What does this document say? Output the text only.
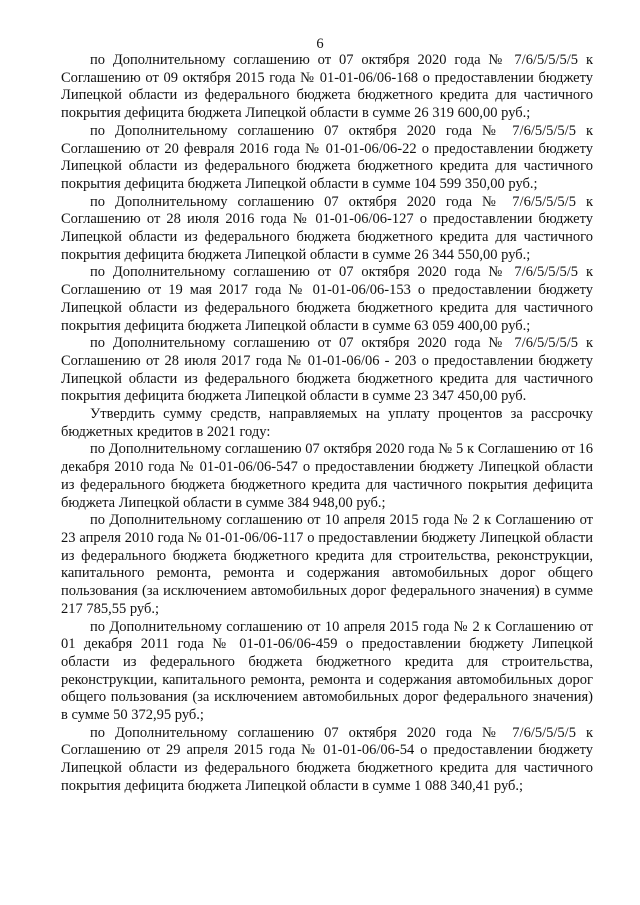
6

по Дополнительному соглашению от 07 октября 2020 года № 7/6/5/5/5/5 к Соглашению от 09 октября 2015 года № 01-01-06/06-168 о предоставлении бюджету Липецкой области из федерального бюджета бюджетного кредита для частичного покрытия дефицита бюджета Липецкой области в сумме 26 319 600,00 руб.;

по Дополнительному соглашению 07 октября 2020 года № 7/6/5/5/5/5 к Соглашению от 20 февраля 2016 года № 01-01-06/06-22 о предоставлении бюджету Липецкой области из федерального бюджета бюджетного кредита для частичного покрытия дефицита бюджета Липецкой области в сумме 104 599 350,00 руб.;

по Дополнительному соглашению 07 октября 2020 года № 7/6/5/5/5/5 к Соглашению от 28 июля 2016 года № 01-01-06/06-127 о предоставлении бюджету Липецкой области из федерального бюджета бюджетного кредита для частичного покрытия дефицита бюджета Липецкой области в сумме 26 344 550,00 руб.;

по Дополнительному соглашению от 07 октября 2020 года № 7/6/5/5/5/5 к Соглашению от 19 мая 2017 года № 01-01-06/06-153 о предоставлении бюджету Липецкой области из федерального бюджета бюджетного кредита для частичного покрытия дефицита бюджета Липецкой области в сумме 63 059 400,00 руб.;

по Дополнительному соглашению от 07 октября 2020 года № 7/6/5/5/5/5 к Соглашению от 28 июля 2017 года № 01-01-06/06 - 203 о предоставлении бюджету Липецкой области из федерального бюджета бюджетного кредита для частичного покрытия дефицита бюджета Липецкой области в сумме 23 347 450,00 руб.

Утвердить сумму средств, направляемых на уплату процентов за рассрочку бюджетных кредитов в 2021 году:

по Дополнительному соглашению 07 октября 2020 года № 5 к Соглашению от 16 декабря 2010 года № 01-01-06/06-547 о предоставлении бюджету Липецкой области из федерального бюджета бюджетного кредита для частичного покрытия дефицита бюджета Липецкой области в сумме 384 948,00 руб.;

по Дополнительному соглашению от 10 апреля 2015 года № 2 к Соглашению от 23 апреля 2010 года № 01-01-06/06-117 о предоставлении бюджету Липецкой области из федерального бюджета бюджетного кредита для строительства, реконструкции, капитального ремонта, ремонта и содержания автомобильных дорог общего пользования (за исключением автомобильных дорог федерального значения) в сумме 217 785,55 руб.;

по Дополнительному соглашению от 10 апреля 2015 года № 2 к Соглашению от 01 декабря 2011 года № 01-01-06/06-459 о предоставлении бюджету Липецкой области из федерального бюджета бюджетного кредита для строительства, реконструкции, капитального ремонта, ремонта и содержания автомобильных дорог общего пользования (за исключением автомобильных дорог федерального значения) в сумме 50 372,95 руб.;

по Дополнительному соглашению 07 октября 2020 года № 7/6/5/5/5/5 к Соглашению от 29 апреля 2015 года № 01-01-06/06-54 о предоставлении бюджету Липецкой области из федерального бюджета бюджетного кредита для частичного покрытия дефицита бюджета Липецкой области в сумме 1 088 340,41 руб.;
